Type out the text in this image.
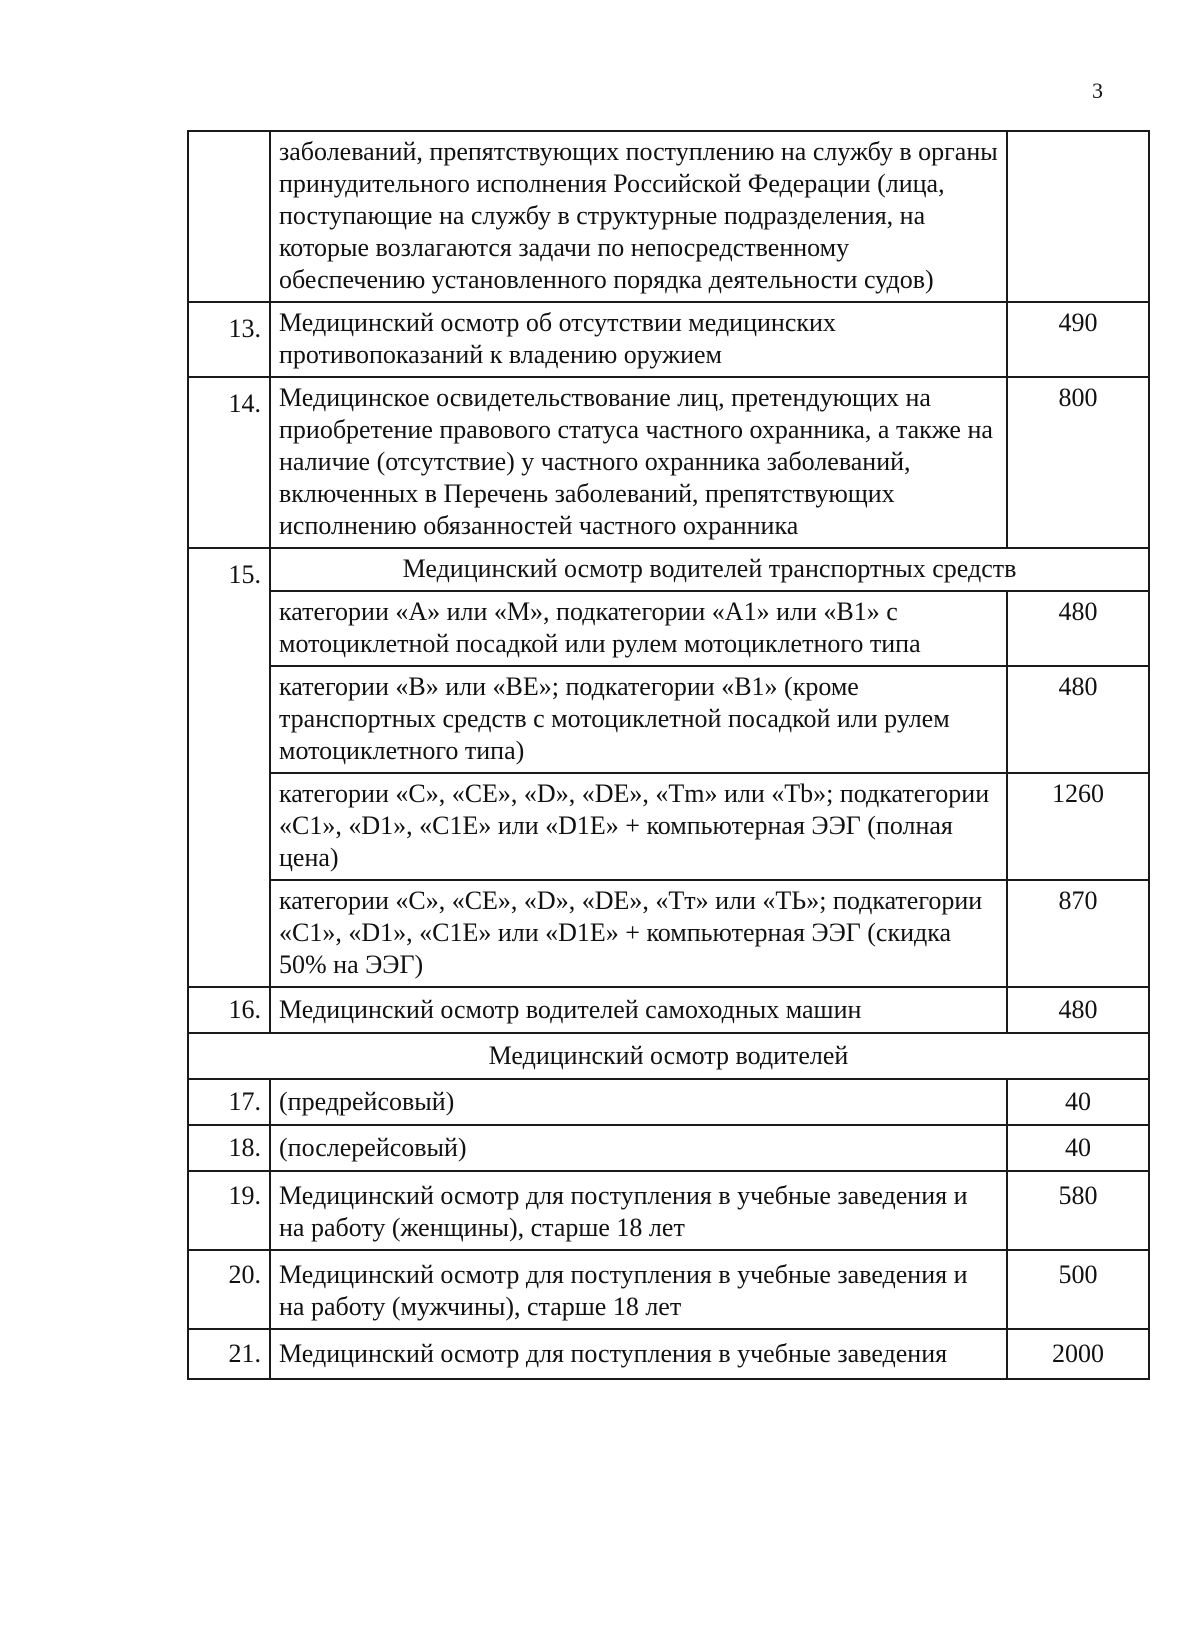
3
	заболеваний, препятствующих поступлению на службу в органы принудительного исполнения Российской Федерации (лица, поступающие на службу в структурные подразделения, на которые возлагаются задачи по непосредственному обеспечению установленного порядка деятельности судов)	
13.	Медицинский осмотр об отсутствии медицинских противопоказаний к владению оружием	490
14.	Медицинское освидетельствование лиц, претендующих на приобретение правового статуса частного охранника, а также на наличие (отсутствие) у частного охранника заболеваний, включенных в Перечень заболеваний, препятствующих исполнению обязанностей частного охранника	800
15.	Медицинский осмотр водителей транспортных средств	
	категории «А» или «М», подкатегории «А1» или «В1» с мотоциклетной посадкой или рулем мотоциклетного типа	480
	категории «В» или «ВЕ»; подкатегории «В1» (кроме транспортных средств с мотоциклетной посадкой или рулем мотоциклетного типа)	480
	категории «С», «СЕ», «D», «DE», «Tm» или «Tb»; подкатегории «С1», «D1», «С1Е» или «D1E» + компьютерная ЭЭГ (полная цена)	1260
	категории «С», «СЕ», «D», «DE», «Тт» или «ТЬ»; подкатегории «С1», «D1», «С1Е» или «D1E» + компьютерная ЭЭГ (скидка 50% на ЭЭГ)	870
16.	Медицинский осмотр водителей самоходных машин	480
Медицинский осмотр водителей		
17.	(предрейсовый)	40
18.	(послерейсовый)	40
19.	Медицинский осмотр для поступления в учебные заведения и на работу (женщины), старше 18 лет	580
20.	Медицинский осмотр для поступления в учебные заведения и на работу (мужчины), старше 18 лет	500
21.	Медицинский осмотр для поступления в учебные заведения	2000
